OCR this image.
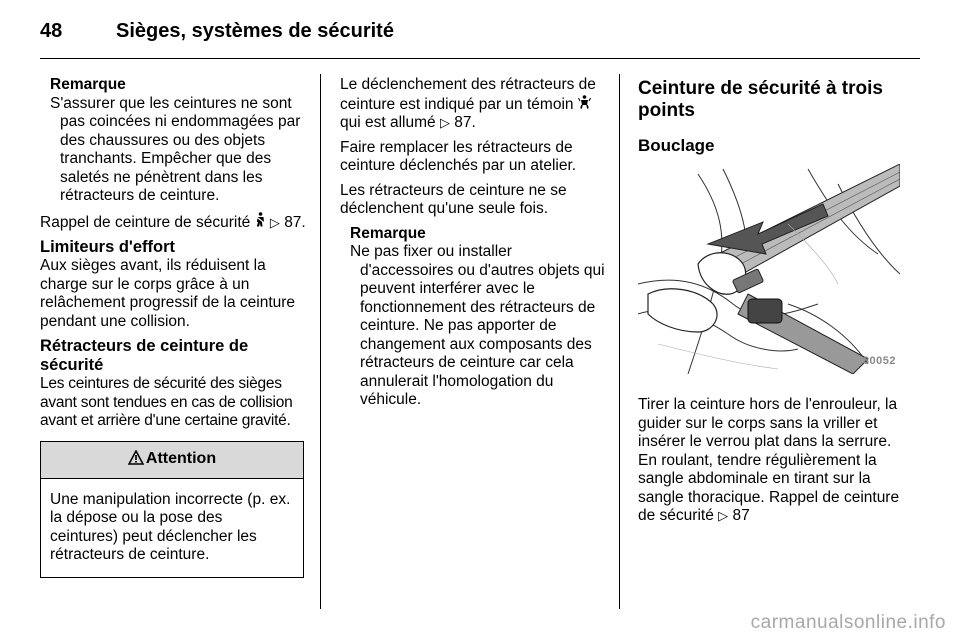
48	Sièges, systèmes de sécurité
Remarque
S'assurer que les ceintures ne sont pas coincées ni endommagées par des chaussures ou des objets tranchants. Empêcher que des saletés ne pénètrent dans les rétracteurs de ceinture.

Rappel de ceinture de sécurité ▷ 87.

Limiteurs d'effort

Aux sièges avant, ils réduisent la charge sur le corps grâce à un relâchement progressif de la ceinture pendant une collision.

Rétracteurs de ceinture de sécurité

Les ceintures de sécurité des sièges avant sont tendues en cas de collision avant et arrière d'une certaine gravité.

Attention
Une manipulation incorrecte (p. ex. la dépose ou la pose des ceintures) peut déclencher les rétracteurs de ceinture.

Le déclenchement des rétracteurs de ceinture est indiqué par un témoin  qui est allumé ▷ 87.

Faire remplacer les rétracteurs de ceinture déclenchés par un atelier.

Les rétracteurs de ceinture ne se déclenchent qu'une seule fois.

Remarque
Ne pas fixer ou installer d'accessoires ou d'autres objets qui peuvent interférer avec le fonctionnement des rétracteurs de ceinture. Ne pas apporter de changement aux composants des rétracteurs de ceinture car cela annulerait l'homologation du véhicule.

Ceinture de sécurité à trois points

Bouclage

30052

Tirer la ceinture hors de l'enrouleur, la guider sur le corps sans la vriller et insérer le verrou plat dans la serrure. En roulant, tendre régulièrement la sangle abdominale en tirant sur la sangle thoracique. Rappel de ceinture de sécurité ▷ 87

carmanualsonline.info
